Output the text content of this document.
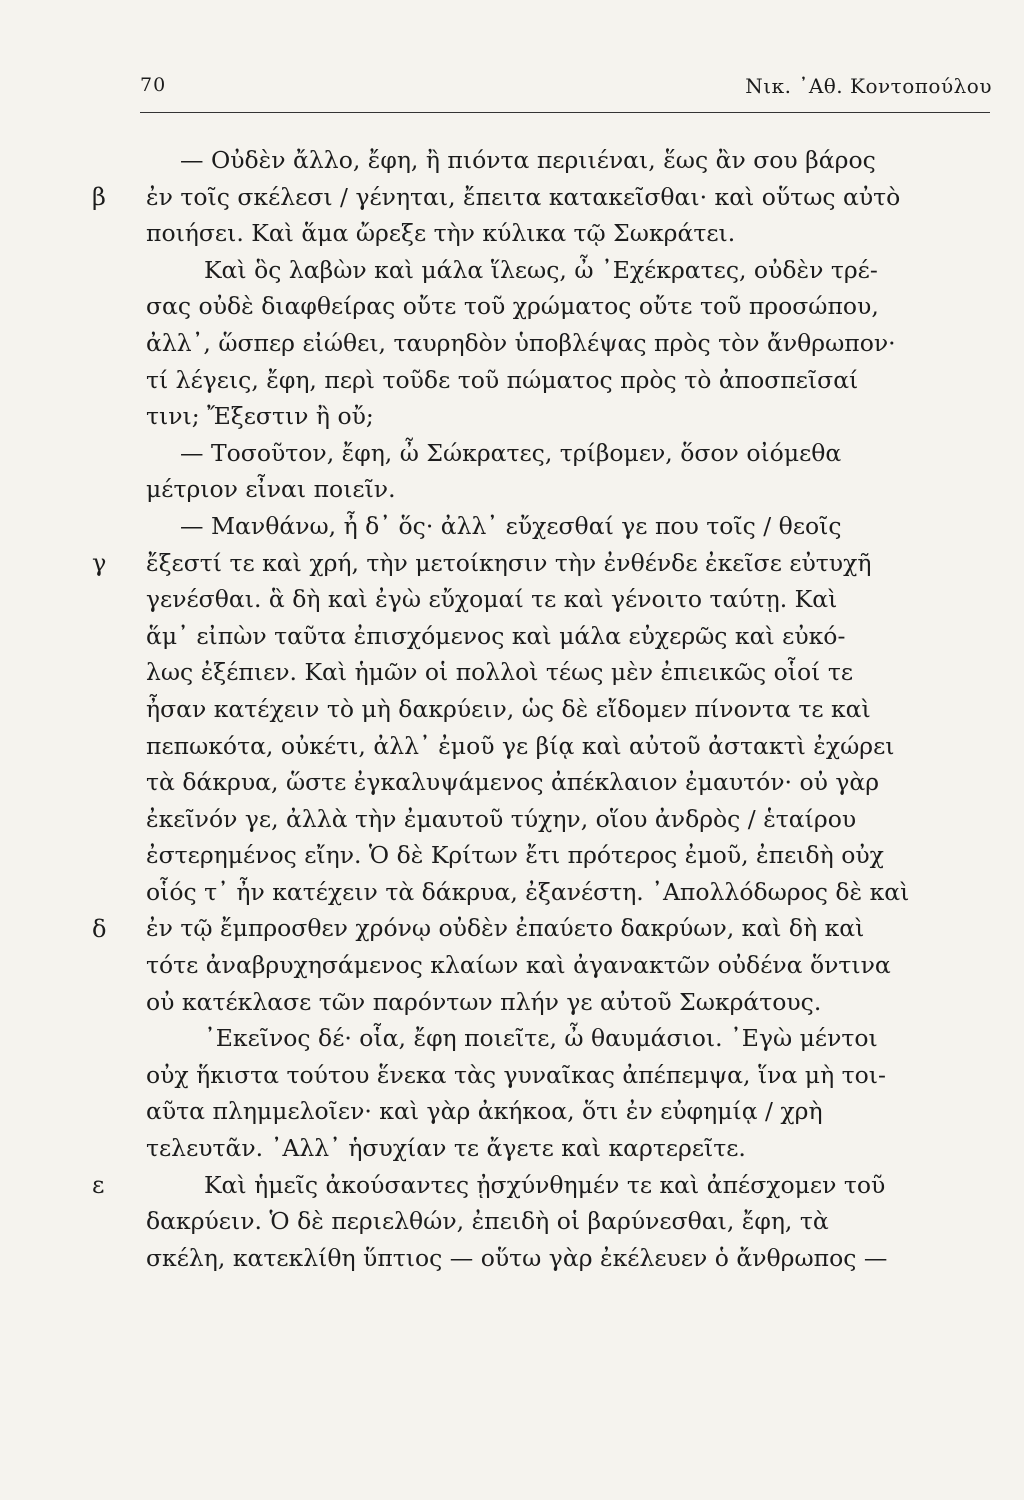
70	Νικ. ᾿Αθ. Κοντοπούλου
β
γ
δ
ε
— Οὐδὲν ἄλλο, ἔφη, ἢ πιόντα περιιέναι, ἕως ἂν σου βάρος
ἐν τοῖς σκέλεσι / γένηται, ἔπειτα κατακεῖσθαι· καὶ οὕτως αὐτὸ
ποιήσει. Καὶ ἅμα ὤρεξε τὴν κύλικα τῷ Σωκράτει.
Καὶ ὃς λαβὼν καὶ μάλα ἵλεως, ὦ ᾿Εχέκρατες, οὐδὲν τρέ-
σας οὐδὲ διαφθείρας οὔτε τοῦ χρώματος οὔτε τοῦ προσώπου,
ἀλλ᾿, ὥσπερ εἰώθει, ταυρηδὸν ὑποβλέψας πρὸς τὸν ἄνθρωπον·
τί λέγεις, ἔφη, περὶ τοῦδε τοῦ πώματος πρὸς τὸ ἀποσπεῖσαί
τινι; Ἔξεστιν ἢ οὔ;
— Τοσοῦτον, ἔφη, ὦ Σώκρατες, τρίβομεν, ὅσον οἰόμεθα
μέτριον εἶναι ποιεῖν.
— Μανθάνω, ἦ δ᾿ ὅς· ἀλλ᾿ εὔχεσθαί γε που τοῖς / θεοῖς
ἔξεστί τε καὶ χρή, τὴν μετοίκησιν τὴν ἐνθένδε ἐκεῖσε εὐτυχῆ
γενέσθαι. ἃ δὴ καὶ ἐγὼ εὔχομαί τε καὶ γένοιτο ταύτῃ. Καὶ
ἅμ᾿ εἰπὼν ταῦτα ἐπισχόμενος καὶ μάλα εὐχερῶς καὶ εὐκό-
λως ἐξέπιεν. Καὶ ἡμῶν οἱ πολλοὶ τέως μὲν ἐπιεικῶς οἷοί τε
ἦσαν κατέχειν τὸ μὴ δακρύειν, ὡς δὲ εἴδομεν πίνοντα τε καὶ
πεπωκότα, οὐκέτι, ἀλλ᾿ ἐμοῦ γε βίᾳ καὶ αὐτοῦ ἀστακτὶ ἐχώρει
τὰ δάκρυα, ὥστε ἐγκαλυψάμενος ἀπέκλαιον ἐμαυτόν· οὐ γὰρ
ἐκεῖνόν γε, ἀλλὰ τὴν ἐμαυτοῦ τύχην, οἵου ἀνδρὸς / ἑταίρου
ἐστερημένος εἴην. Ὁ δὲ Κρίτων ἔτι πρότερος ἐμοῦ, ἐπειδὴ οὐχ
οἷός τ᾿ ἦν κατέχειν τὰ δάκρυα, ἐξανέστη. ᾿Απολλόδωρος δὲ καὶ
ἐν τῷ ἔμπροσθεν χρόνῳ οὐδὲν ἐπαύετο δακρύων, καὶ δὴ καὶ
τότε ἀναβρυχησάμενος κλαίων καὶ ἀγανακτῶν οὐδένα ὅντινα
οὐ κατέκλασε τῶν παρόντων πλήν γε αὐτοῦ Σωκράτους.
᾿Εκεῖνος δέ· οἷα, ἔφη ποιεῖτε, ὦ θαυμάσιοι. ᾿Εγὼ μέντοι
οὐχ ἥκιστα τούτου ἕνεκα τὰς γυναῖκας ἀπέπεμψα, ἵνα μὴ τοι-
αῦτα πλημμελοῖεν· καὶ γὰρ ἀκήκοα, ὅτι ἐν εὐφημίᾳ / χρὴ
τελευτᾶν. ᾿Αλλ᾿ ἡσυχίαν τε ἄγετε καὶ καρτερεῖτε.
Καὶ ἡμεῖς ἀκούσαντες ᾐσχύνθημέν τε καὶ ἀπέσχομεν τοῦ
δακρύειν. Ὁ δὲ περιελθών, ἐπειδὴ οἱ βαρύνεσθαι, ἔφη, τὰ
σκέλη, κατεκλίθη ὕπτιος — οὕτω γὰρ ἐκέλευεν ὁ ἄνθρωπος —
